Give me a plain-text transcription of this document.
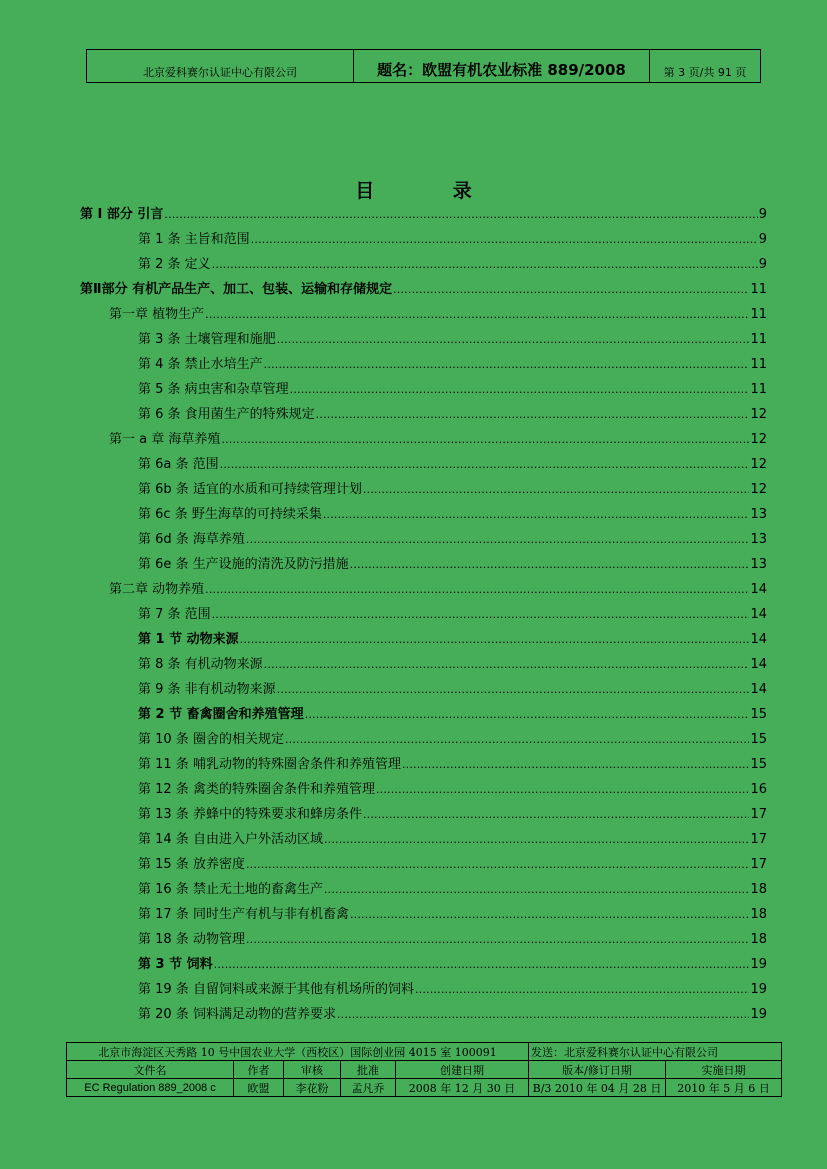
北京爱科赛尔认证中心有限公司	题名：欧盟有机农业标准 889/2008	第 3 页/共 91 页
目 录
第 I 部分 引言 .....	9
第 1 条 主旨和范围 .....	9
第 2 条 定义 .....	9
第Ⅱ部分 有机产品生产、加工、包装、运输和存储规定 .....	11
第一章 植物生产 .....	11
第 3 条 土壤管理和施肥 .....	11
第 4 条 禁止水培生产 .....	11
第 5 条 病虫害和杂草管理 .....	11
第 6 条 食用菌生产的特殊规定 .....	12
第一 a 章 海草养殖 .....	12
第 6a 条 范围 .....	12
第 6b 条 适宜的水质和可持续管理计划 .....	12
第 6c 条 野生海草的可持续采集 .....	13
第 6d 条 海草养殖 .....	13
第 6e 条 生产设施的清洗及防污措施 .....	13
第二章 动物养殖 .....	14
第 7 条 范围 .....	14
第 1 节 动物来源 .....	14
第 8 条 有机动物来源 .....	14
第 9 条 非有机动物来源 .....	14
第 2 节 畜禽圈舍和养殖管理 .....	15
第 10 条 圈舍的相关规定 .....	15
第 11 条 哺乳动物的特殊圈舍条件和养殖管理 .....	15
第 12 条 禽类的特殊圈舍条件和养殖管理 .....	16
第 13 条 养蜂中的特殊要求和蜂房条件 .....	17
第 14 条 自由进入户外活动区域 .....	17
第 15 条 放养密度 .....	17
第 16 条 禁止无土地的畜禽生产 .....	18
第 17 条 同时生产有机与非有机畜禽 .....	18
第 18 条 动物管理 .....	18
第 3 节 饲料 .....	19
第 19 条 自留饲料或来源于其他有机场所的饲料 .....	19
第 20 条 饲料满足动物的营养要求 .....	19
北京市海淀区天秀路 10 号中国农业大学（西校区）国际创业园 4015 室 100091					发送：北京爱科赛尔认证中心有限公司	
文件名	作者	审核	批准	创建日期	版本/修订日期	实施日期
EC Regulation 889_2008 c	欧盟	李花粉	孟凡乔	2008 年 12 月 30 日	B/3 2010 年 04 月 28 日	2010 年 5 月 6 日
